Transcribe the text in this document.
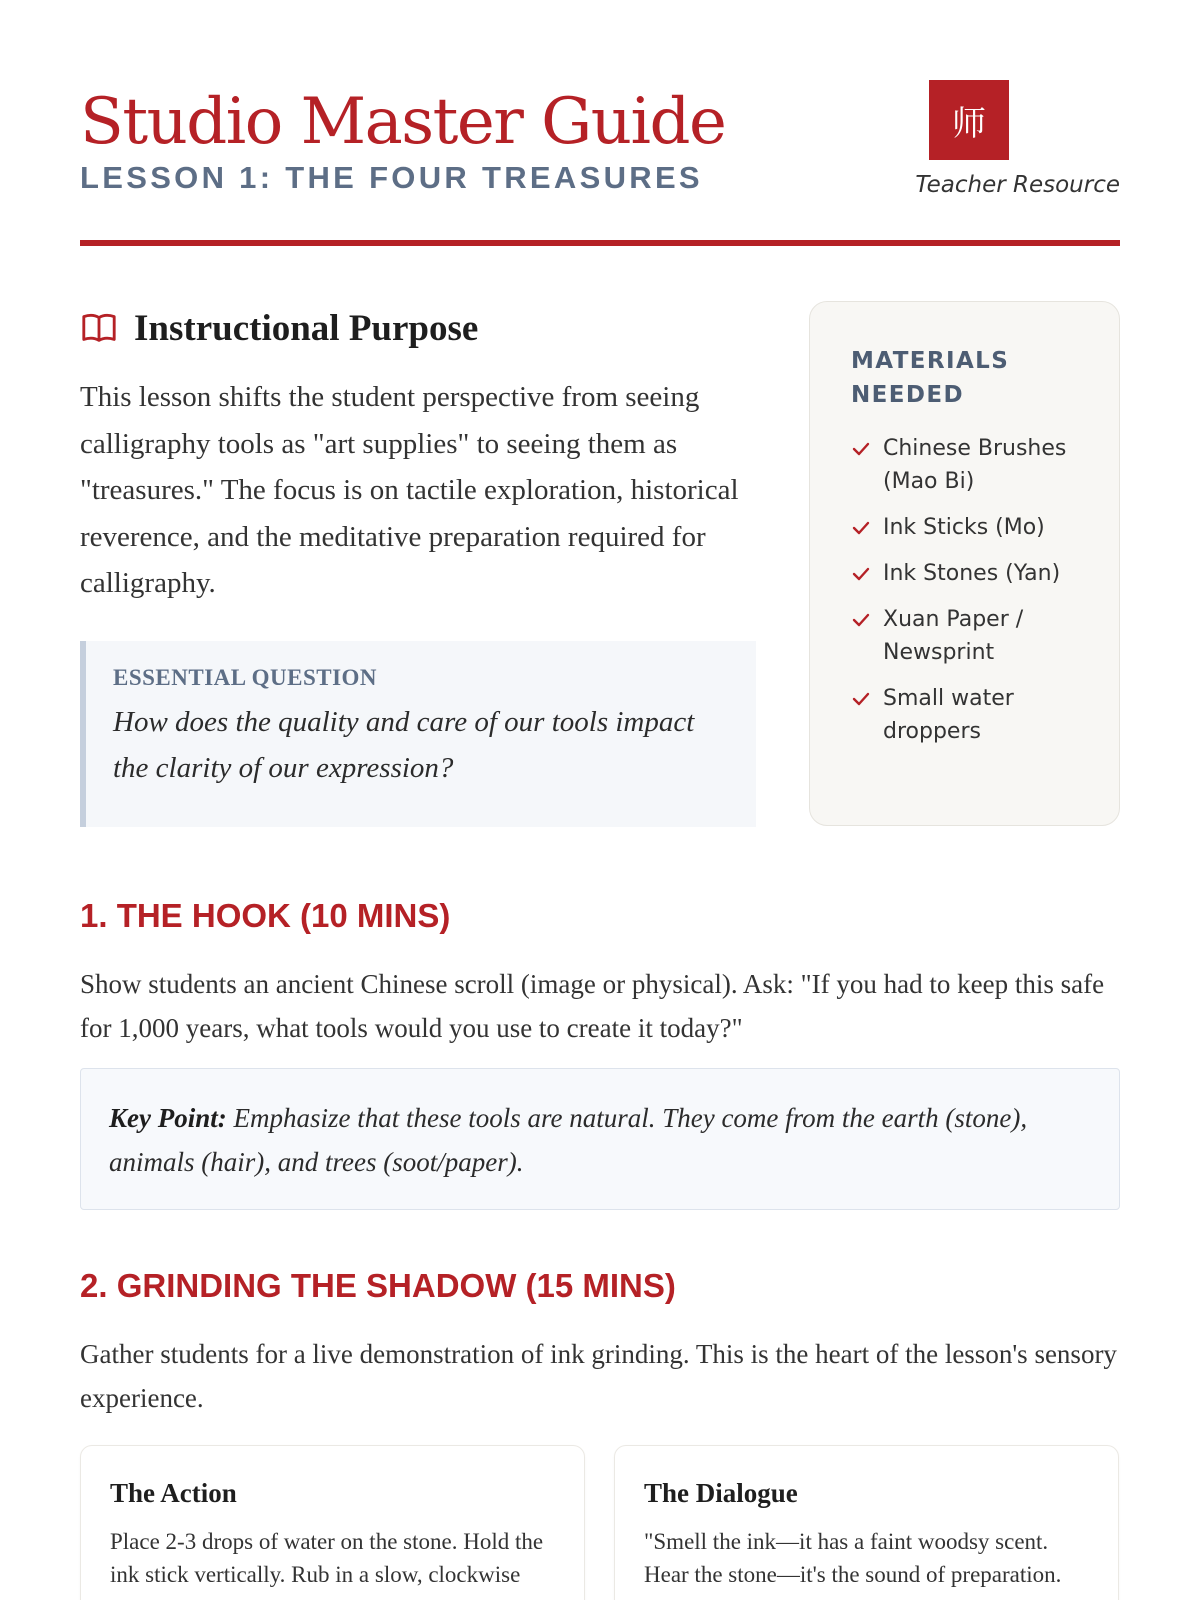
Studio Master Guide
LESSON 1: THE FOUR TREASURES
师
Teacher Resource
Instructional Purpose

This lesson shifts the student perspective from seeing calligraphy tools as "art supplies" to seeing them as "treasures." The focus is on tactile exploration, historical reverence, and the meditative preparation required for calligraphy.

ESSENTIAL QUESTION
How does the quality and care of our tools impact the clarity of our expression?
MATERIALS NEEDED
Chinese Brushes (Mao Bi)
Ink Sticks (Mo)
Ink Stones (Yan)
Xuan Paper / Newsprint
Small water droppers
1. THE HOOK (10 MINS)

Show students an ancient Chinese scroll (image or physical). Ask: "If you had to keep this safe for 1,000 years, what tools would you use to create it today?"

Key Point: Emphasize that these tools are natural. They come from the earth (stone), animals (hair), and trees (soot/paper).
2. GRINDING THE SHADOW (15 MINS)

Gather students for a live demonstration of ink grinding. This is the heart of the lesson's sensory experience.

The Action
Place 2-3 drops of water on the stone. Hold the ink stick vertically. Rub in a slow, clockwise
The Dialogue
"Smell the ink—it has a faint woodsy scent. Hear the stone—it's the sound of preparation.
